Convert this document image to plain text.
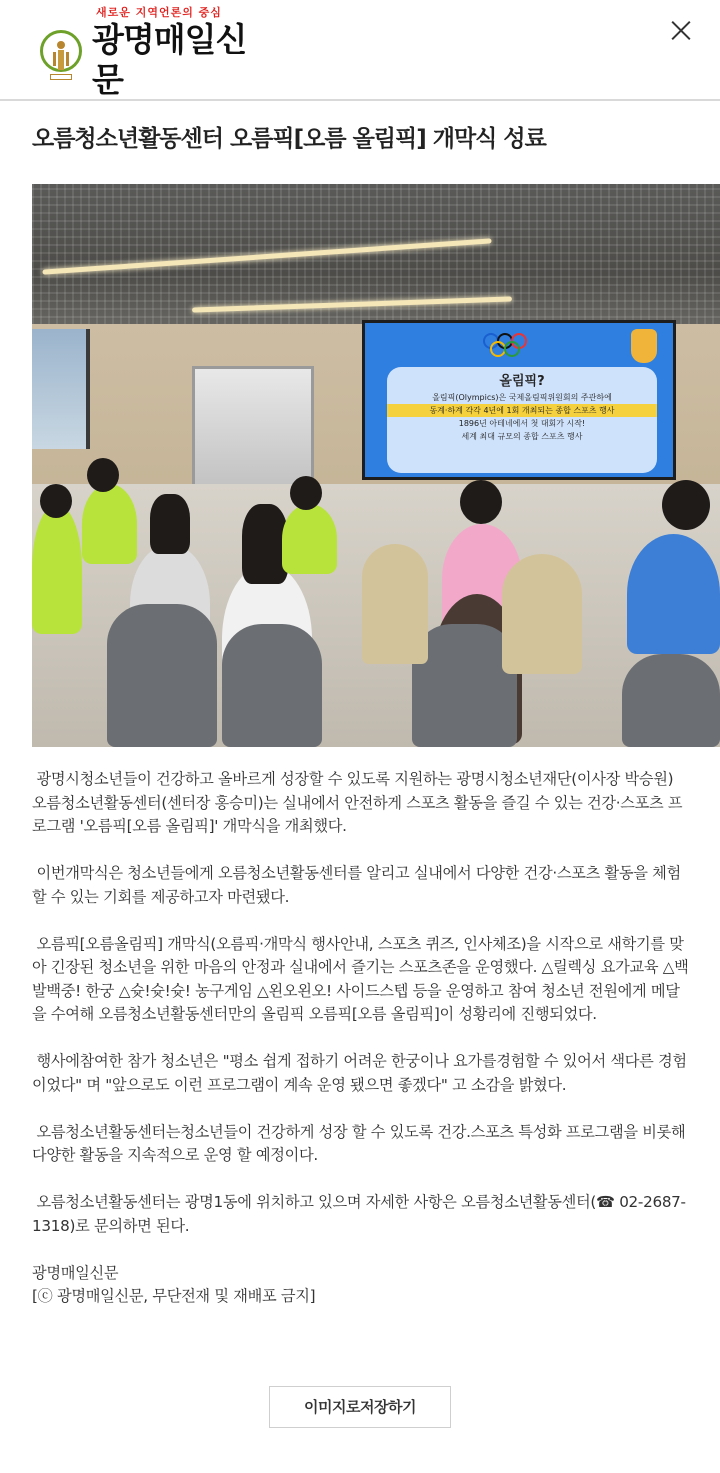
새로운 지역언론의 중심
광명매일신문
오름청소년활동센터 오름픽[오름 올림픽] 개막식 성료
올림픽?
올림픽(Olympics)은 국제올림픽위원회의 주관하에
동계·하계 각각 4년에 1회 개최되는 종합 스포츠 행사
1896년 아테네에서 첫 대회가 시작!
세계 최대 규모의 종합 스포츠 행사

광명시청소년들이 건강하고 올바르게 성장할 수 있도록 지원하는 광명시청소년재단(이사장 박승원) 오름청소년활동센터(센터장 홍승미)는 실내에서 안전하게 스포츠 활동을 즐길 수 있는 건강·스포츠 프로그램 '오름픽[오름 올림픽]' 개막식을 개최했다.

이번개막식은 청소년들에게 오름청소년활동센터를 알리고 실내에서 다양한 건강·스포츠 활동을 체험 할 수 있는 기회를 제공하고자 마련됐다.

오름픽[오름올림픽] 개막식(오름픽·개막식 행사안내, 스포츠 퀴즈, 인사체조)을 시작으로 새학기를 맞아 긴장된 청소년을 위한 마음의 안정과 실내에서 즐기는 스포츠존을 운영했다. △릴렉싱 요가교육 △백발백중! 한궁 △슛!슛!슛! 농구게임 △왼오왼오! 사이드스텝 등을 운영하고 참여 청소년 전원에게 메달을 수여해 오름청소년활동센터만의 올림픽 오름픽[오름 올림픽]이 성황리에 진행되었다.

행사에참여한 참가 청소년은 "평소 쉽게 접하기 어려운 한궁이나 요가를경험할 수 있어서 색다른 경험이었다" 며 "앞으로도 이런 프로그램이 계속 운영 됐으면 좋겠다" 고 소감을 밝혔다.

오름청소년활동센터는청소년들이 건강하게 성장 할 수 있도록 건강.스포츠 특성화 프로그램을 비롯해 다양한 활동을 지속적으로 운영 할 예정이다.

오름청소년활동센터는 광명1동에 위치하고 있으며 자세한 사항은 오름청소년활동센터(☎ 02-2687-1318)로 문의하면 된다.

광명매일신문
[ⓒ 광명매일신문, 무단전재 및 재배포 금지]
이미지로저장하기
